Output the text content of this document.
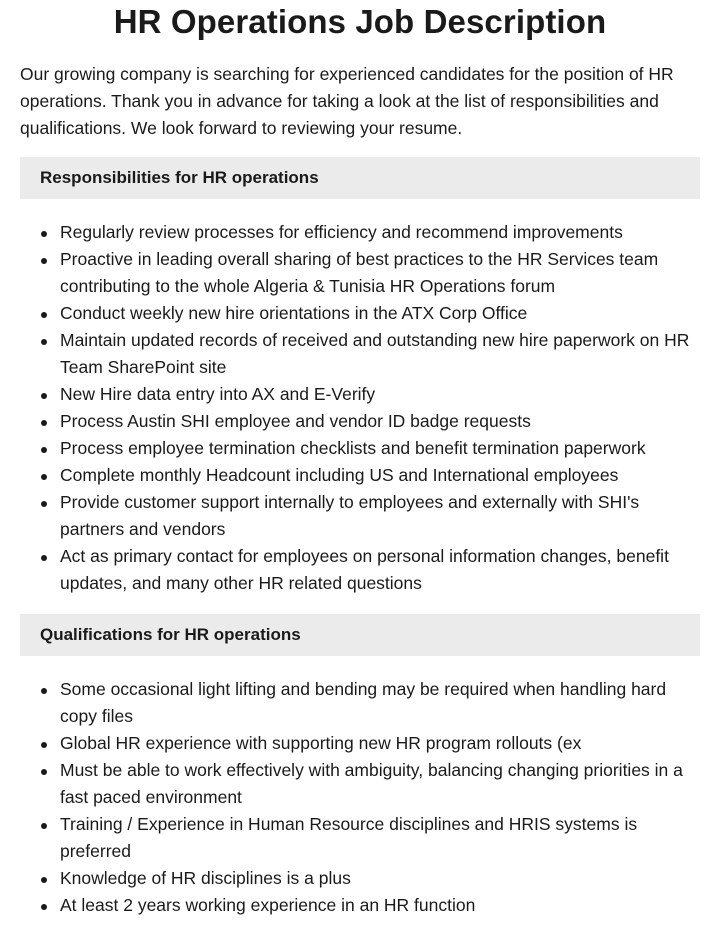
HR Operations Job Description

Our growing company is searching for experienced candidates for the position of HR operations. Thank you in advance for taking a look at the list of responsibilities and qualifications. We look forward to reviewing your resume.

Responsibilities for HR operations
Regularly review processes for efficiency and recommend improvements
Proactive in leading overall sharing of best practices to the HR Services team contributing to the whole Algeria & Tunisia HR Operations forum
Conduct weekly new hire orientations in the ATX Corp Office
Maintain updated records of received and outstanding new hire paperwork on HR Team SharePoint site
New Hire data entry into AX and E-Verify
Process Austin SHI employee and vendor ID badge requests
Process employee termination checklists and benefit termination paperwork
Complete monthly Headcount including US and International employees
Provide customer support internally to employees and externally with SHI's partners and vendors
Act as primary contact for employees on personal information changes, benefit updates, and many other HR related questions
Qualifications for HR operations
Some occasional light lifting and bending may be required when handling hard copy files
Global HR experience with supporting new HR program rollouts (ex
Must be able to work effectively with ambiguity, balancing changing priorities in a fast paced environment
Training / Experience in Human Resource disciplines and HRIS systems is preferred
Knowledge of HR disciplines is a plus
At least 2 years working experience in an HR function
